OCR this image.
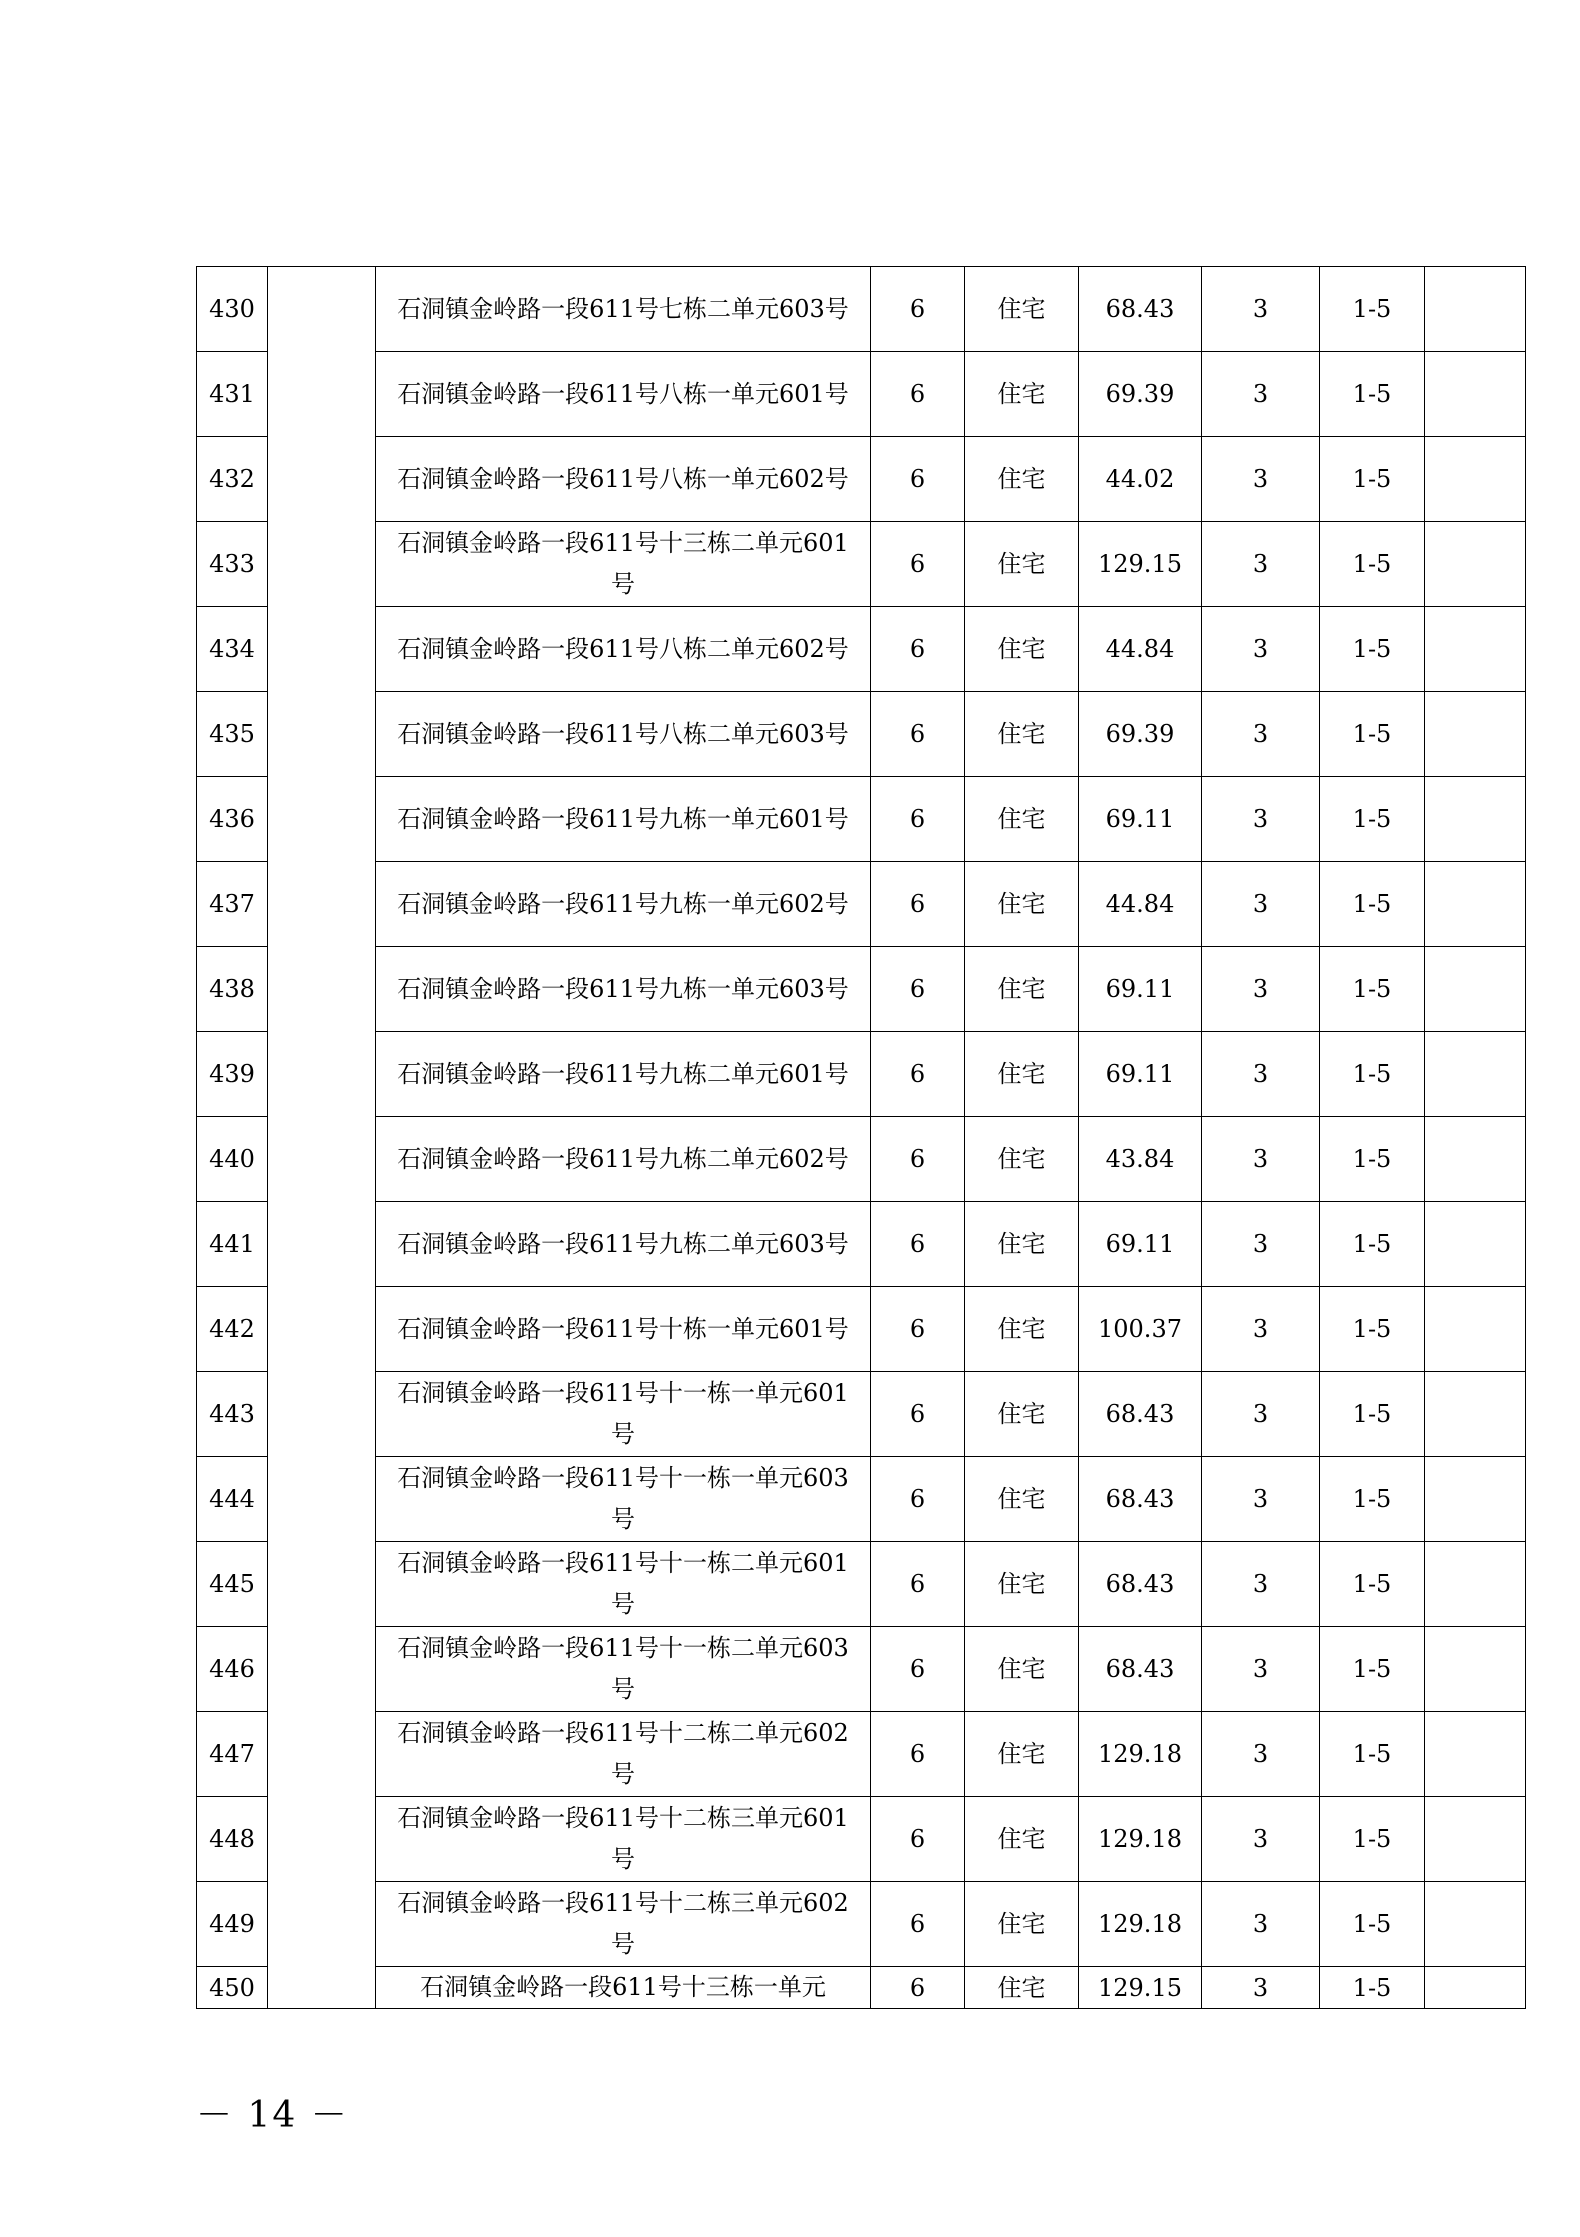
430		石洞镇金岭路一段611号七栋二单元603号	6	住宅	68.43	3	1-5	
431		石洞镇金岭路一段611号八栋一单元601号	6	住宅	69.39	3	1-5	
432		石洞镇金岭路一段611号八栋一单元602号	6	住宅	44.02	3	1-5	
433		石洞镇金岭路一段611号十三栋二单元601号	6	住宅	129.15	3	1-5	
434		石洞镇金岭路一段611号八栋二单元602号	6	住宅	44.84	3	1-5	
435		石洞镇金岭路一段611号八栋二单元603号	6	住宅	69.39	3	1-5	
436		石洞镇金岭路一段611号九栋一单元601号	6	住宅	69.11	3	1-5	
437		石洞镇金岭路一段611号九栋一单元602号	6	住宅	44.84	3	1-5	
438		石洞镇金岭路一段611号九栋一单元603号	6	住宅	69.11	3	1-5	
439		石洞镇金岭路一段611号九栋二单元601号	6	住宅	69.11	3	1-5	
440		石洞镇金岭路一段611号九栋二单元602号	6	住宅	43.84	3	1-5	
441		石洞镇金岭路一段611号九栋二单元603号	6	住宅	69.11	3	1-5	
442		石洞镇金岭路一段611号十栋一单元601号	6	住宅	100.37	3	1-5	
443		石洞镇金岭路一段611号十一栋一单元601号	6	住宅	68.43	3	1-5	
444		石洞镇金岭路一段611号十一栋一单元603号	6	住宅	68.43	3	1-5	
445		石洞镇金岭路一段611号十一栋二单元601号	6	住宅	68.43	3	1-5	
446		石洞镇金岭路一段611号十一栋二单元603号	6	住宅	68.43	3	1-5	
447		石洞镇金岭路一段611号十二栋二单元602号	6	住宅	129.18	3	1-5	
448		石洞镇金岭路一段611号十二栋三单元601号	6	住宅	129.18	3	1-5	
449		石洞镇金岭路一段611号十二栋三单元602号	6	住宅	129.18	3	1-5	
450		石洞镇金岭路一段611号十三栋一单元	6	住宅	129.15	3	1-5	
－ 14 －
